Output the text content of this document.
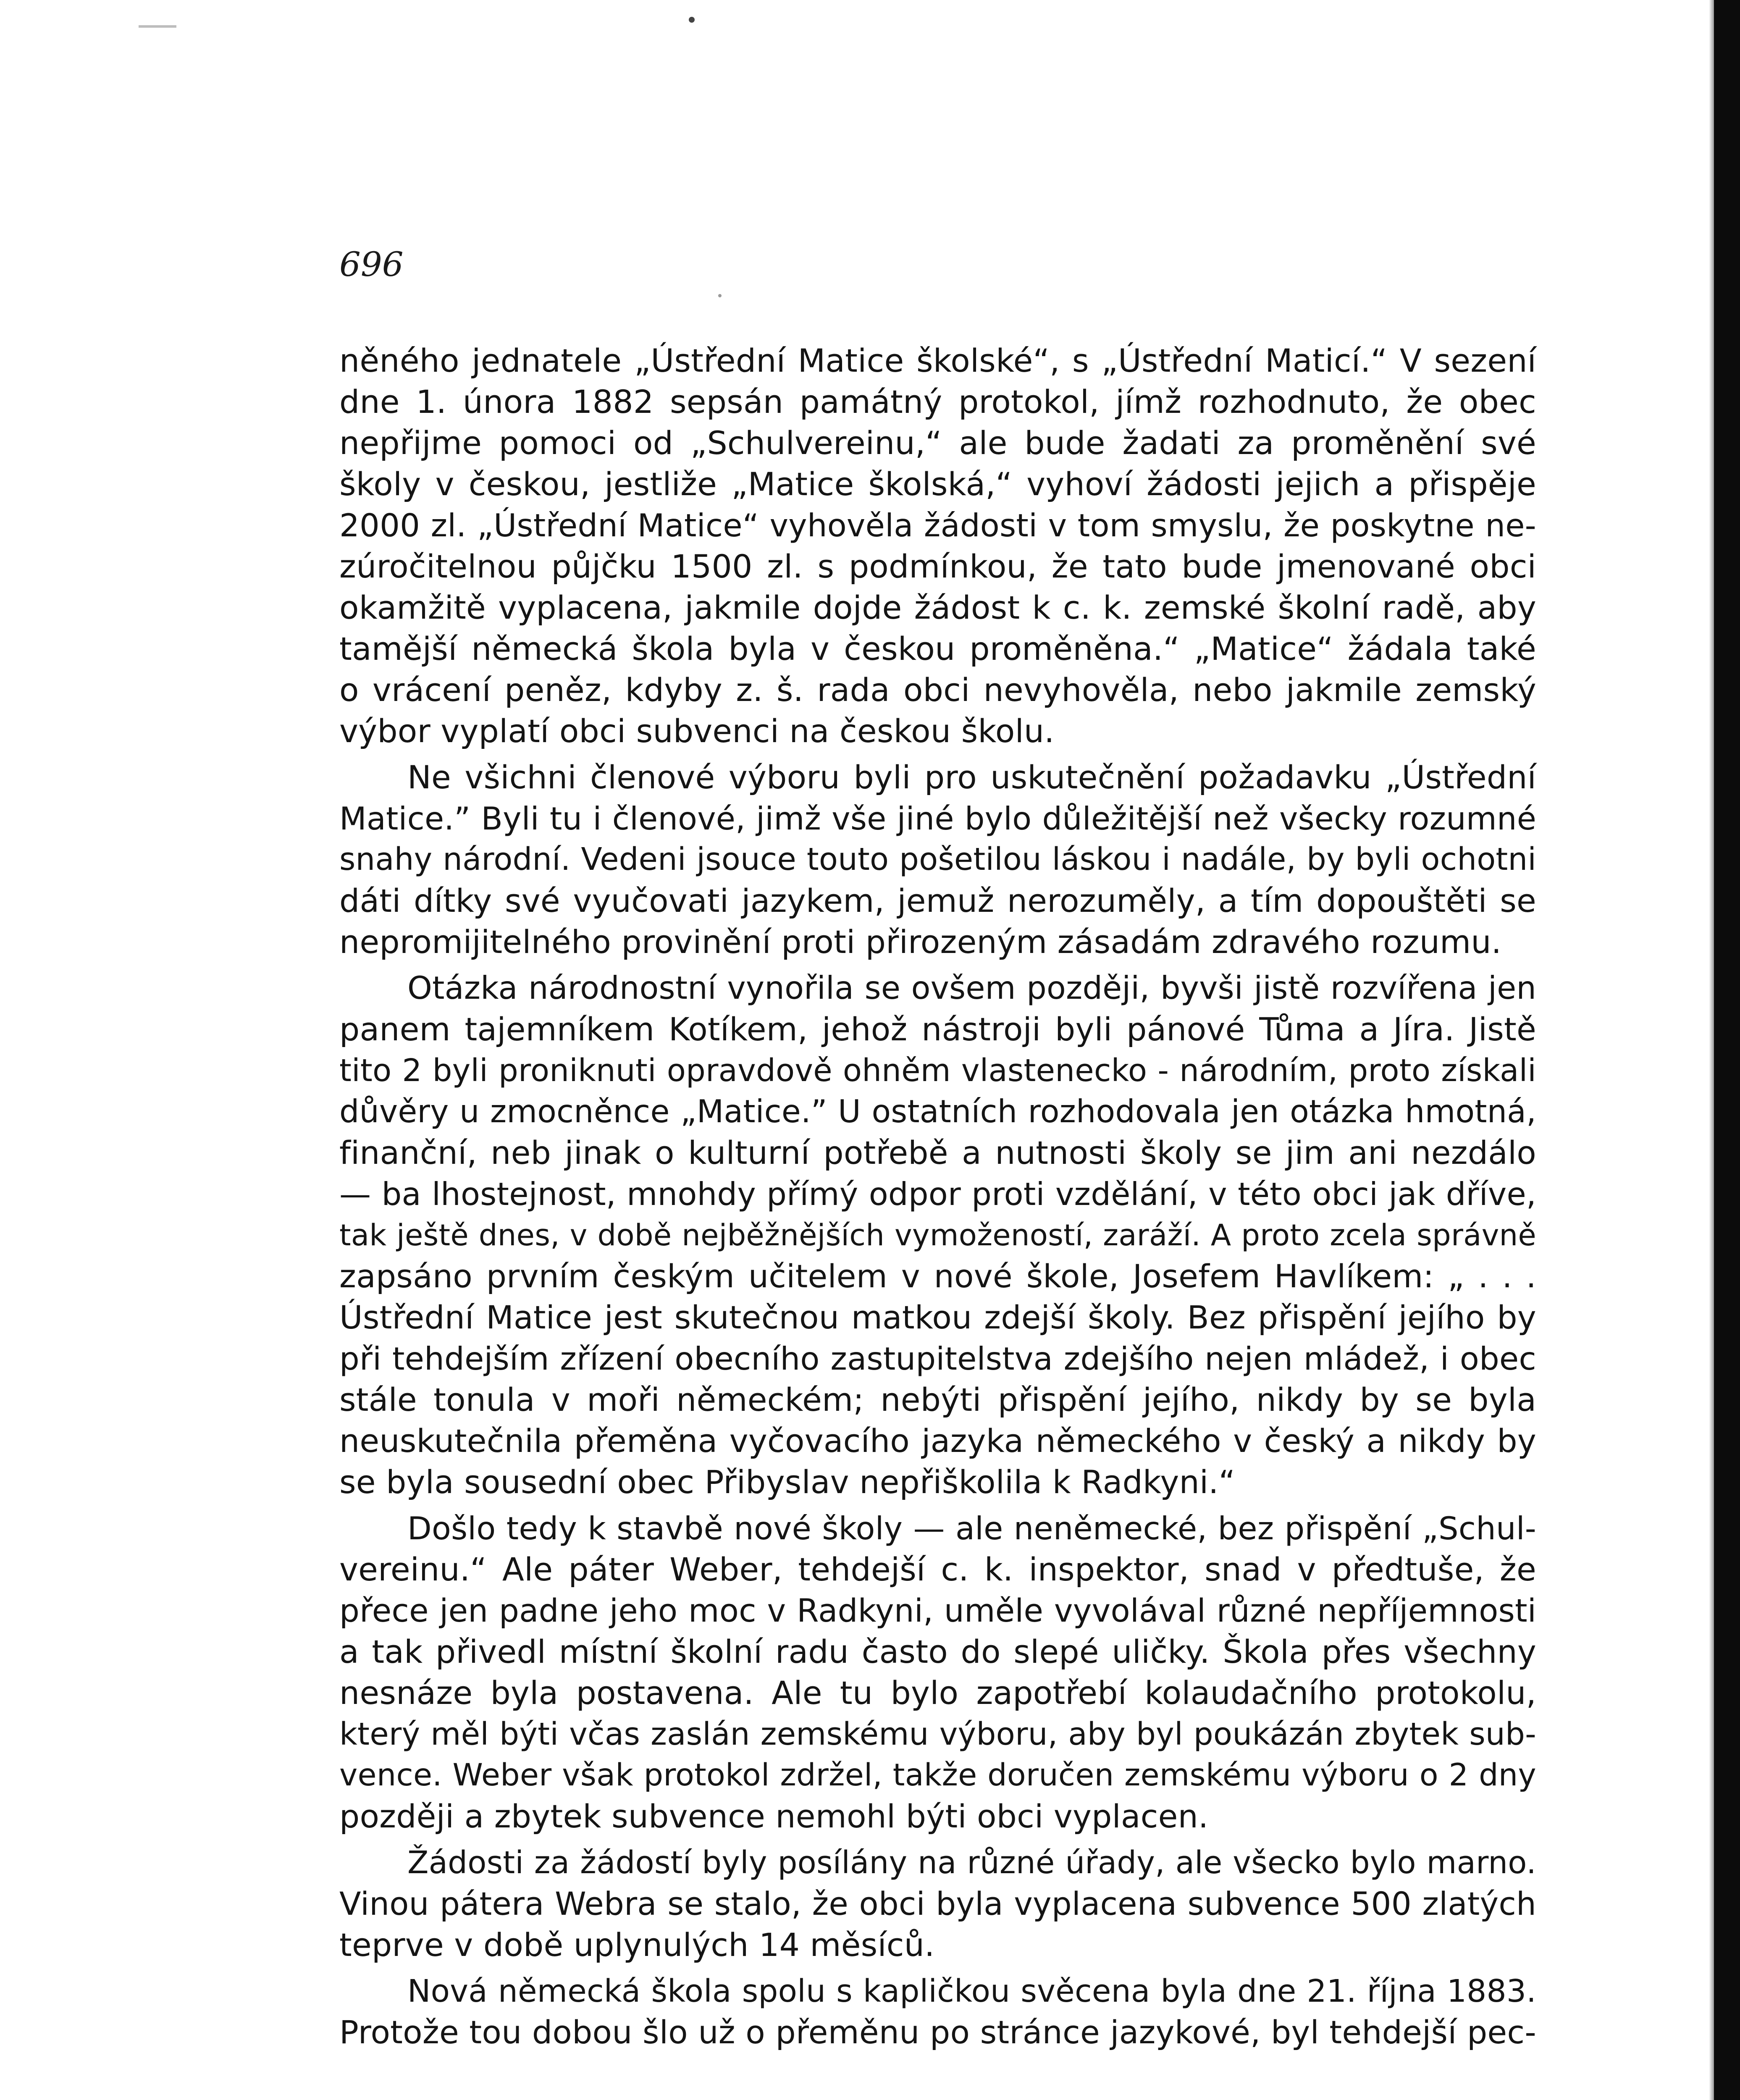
696
něného jednatele „Ústřední Matice školské“, s „Ústřední Maticí.“ V sezení
dne 1. února 1882 sepsán památný protokol, jímž rozhodnuto, že obec
nepřijme pomoci od „Schulvereinu,“ ale bude žadati za proměnění své
školy v českou, jestliže „Matice školská,“ vyhoví žádosti jejich a přispěje
2000 zl. „Ústřední Matice“ vyhověla žádosti v tom smyslu, že poskytne ne-
zúročitelnou půjčku 1500 zl. s podmínkou, že tato bude jmenované obci
okamžitě vyplacena, jakmile dojde žádost k c. k. zemské školní radě, aby
tamější německá škola byla v českou proměněna.“ „Matice“ žádala také
o vrácení peněz, kdyby z. š. rada obci nevyhověla, nebo jakmile zemský
výbor vyplatí obci subvenci na českou školu.
Ne všichni členové výboru byli pro uskutečnění požadavku „Ústřední
Matice.” Byli tu i členové, jimž vše jiné bylo důležitější než všecky rozumné
snahy národní. Vedeni jsouce touto pošetilou láskou i nadále, by byli ochotni
dáti dítky své vyučovati jazykem, jemuž nerozuměly, a tím dopouštěti se
nepromijitelného provinění proti přirozeným zásadám zdravého rozumu.
Otázka národnostní vynořila se ovšem později, byvši jistě rozvířena jen
panem tajemníkem Kotíkem, jehož nástroji byli pánové Tůma a Jíra. Jistě
tito 2 byli proniknuti opravdově ohněm vlastenecko - národním, proto získali
důvěry u zmocněnce „Matice.” U ostatních rozhodovala jen otázka hmotná,
finanční, neb jinak o kulturní potřebě a nutnosti školy se jim ani nezdálo
— ba lhostejnost, mnohdy přímý odpor proti vzdělání, v této obci jak dříve,
tak ještě dnes, v době nejběžnějších vymožeností, zaráží. A proto zcela správně
zapsáno prvním českým učitelem v nové škole, Josefem Havlíkem: „ . . .
Ústřední Matice jest skutečnou matkou zdejší školy. Bez přispění jejího by
při tehdejším zřízení obecního zastupitelstva zdejšího nejen mládež, i obec
stále tonula v moři německém; nebýti přispění jejího, nikdy by se byla
neuskutečnila přeměna vyčovacího jazyka německého v český a nikdy by
se byla sousední obec Přibyslav nepřiškolila k Radkyni.“
Došlo tedy k stavbě nové školy — ale neněmecké, bez přispění „Schul-
vereinu.“ Ale páter Weber, tehdejší c. k. inspektor, snad v předtuše, že
přece jen padne jeho moc v Radkyni, uměle vyvolával různé nepříjemnosti
a tak přivedl místní školní radu často do slepé uličky. Škola přes všechny
nesnáze byla postavena. Ale tu bylo zapotřebí kolaudačního protokolu,
který měl býti včas zaslán zemskému výboru, aby byl poukázán zbytek sub-
vence. Weber však protokol zdržel, takže doručen zemskému výboru o 2 dny
později a zbytek subvence nemohl býti obci vyplacen.
Žádosti za žádostí byly posílány na různé úřady, ale všecko bylo marno.
Vinou pátera Webra se stalo, že obci byla vyplacena subvence 500 zlatých
teprve v době uplynulých 14 měsíců.
Nová německá škola spolu s kapličkou svěcena byla dne 21. října 1883.
Protože tou dobou šlo už o přeměnu po stránce jazykové, byl tehdejší pec-
